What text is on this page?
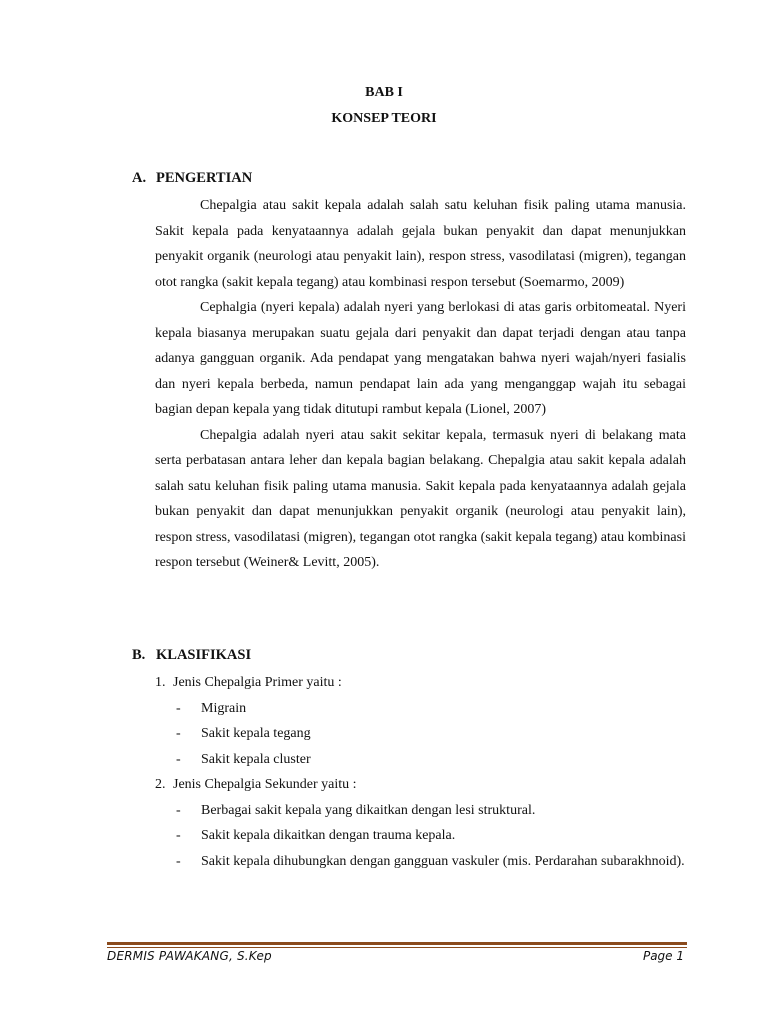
BAB I
KONSEP TEORI
A. PENGERTIAN

Chepalgia atau sakit kepala adalah salah satu keluhan fisik paling utama manusia. Sakit kepala pada kenyataannya adalah gejala bukan penyakit dan dapat menunjukkan penyakit organik (neurologi atau penyakit lain), respon stress, vasodilatasi (migren), tegangan otot rangka (sakit kepala tegang) atau kombinasi respon tersebut (Soemarmo, 2009)

Cephalgia (nyeri kepala) adalah nyeri yang berlokasi di atas garis orbitomeatal. Nyeri kepala biasanya merupakan suatu gejala dari penyakit dan dapat terjadi dengan atau tanpa adanya gangguan organik. Ada pendapat yang mengatakan bahwa nyeri wajah/nyeri fasialis dan nyeri kepala berbeda, namun pendapat lain ada yang menganggap wajah itu sebagai bagian depan kepala yang tidak ditutupi rambut kepala (Lionel, 2007)

Chepalgia adalah nyeri atau sakit sekitar kepala, termasuk nyeri di belakang mata serta perbatasan antara leher dan kepala bagian belakang. Chepalgia atau sakit kepala adalah salah satu keluhan fisik paling utama manusia. Sakit kepala pada kenyataannya adalah gejala bukan penyakit dan dapat menunjukkan penyakit organik (neurologi atau penyakit lain), respon stress, vasodilatasi (migren), tegangan otot rangka (sakit kepala tegang) atau kombinasi respon tersebut (Weiner& Levitt, 2005).

B. KLASIFIKASI
1. Jenis Chepalgia Primer yaitu :
- Migrain
- Sakit kepala tegang
- Sakit kepala cluster
2. Jenis Chepalgia Sekunder yaitu :
- Berbagai sakit kepala yang dikaitkan dengan lesi struktural.
- Sakit kepala dikaitkan dengan trauma kepala.
- Sakit kepala dihubungkan dengan gangguan vaskuler (mis. Perdarahan subarakhnoid).
DERMIS PAWAKANG, S.Kep	Page 1
